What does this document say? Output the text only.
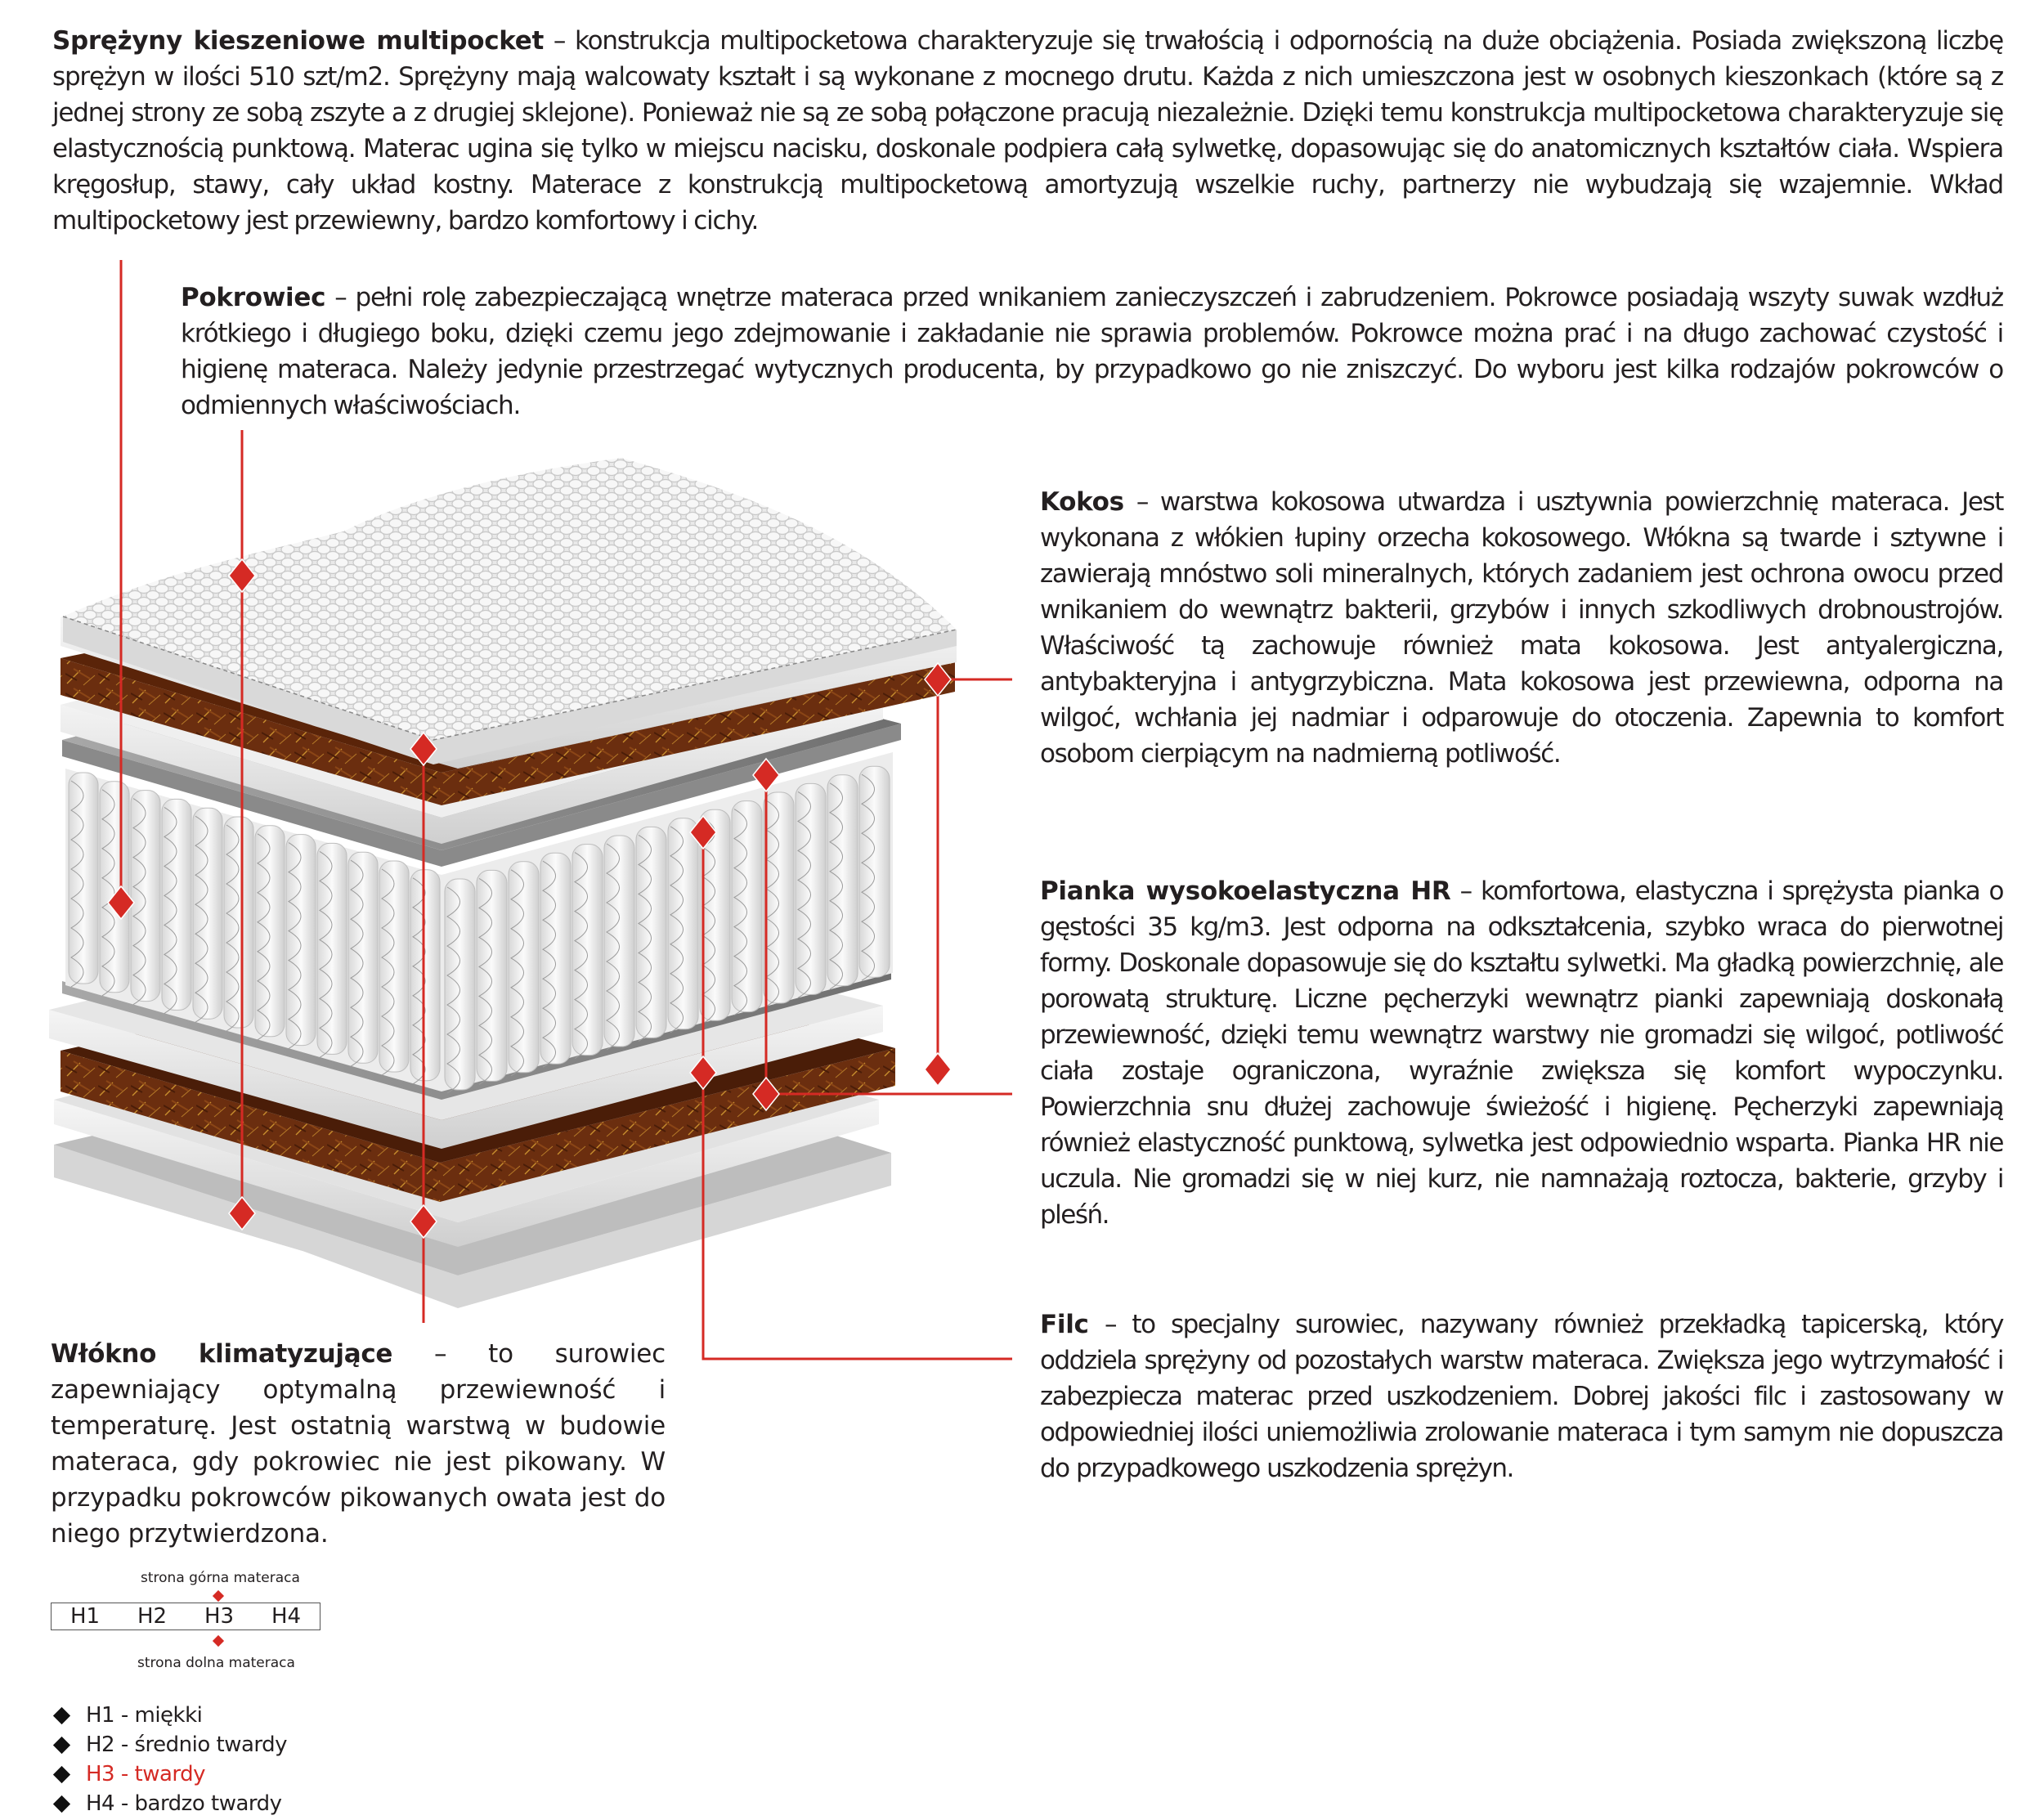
Sprężyny kieszeniowe multipocket – konstrukcja multipocketowa charakteryzuje się trwałością i odpornością na duże obciążenia. Posiada zwiększoną liczbę sprężyn w ilości 510 szt/m2. Sprężyny mają walcowaty kształt i są wykonane z mocnego drutu. Każda z nich umieszczona jest w osobnych kieszonkach (które są z jednej strony ze sobą zszyte a z drugiej sklejone). Ponieważ nie są ze sobą połączone pracują niezależnie. Dzięki temu konstrukcja multipocketowa charakteryzuje się elastycznością punktową. Materac ugina się tylko w miejscu nacisku, doskonale podpiera całą sylwetkę, dopasowując się do anatomicznych kształtów ciała. Wspiera kręgosłup, stawy, cały układ kostny. Materace z konstrukcją multipocketową amortyzują wszelkie ruchy, partnerzy nie wybudzają się wzajemnie. Wkład multipocketowy jest przewiewny, bardzo komfortowy i cichy.
Pokrowiec – pełni rolę zabezpieczającą wnętrze materaca przed wnikaniem zanieczyszczeń i zabrudzeniem. Pokrowce posiadają wszyty suwak wzdłuż krótkiego i długiego boku, dzięki czemu jego zdejmowanie i zakładanie nie sprawia problemów. Pokrowce można prać i na długo zachować czystość i higienę materaca. Należy jedynie przestrzegać wytycznych producenta, by przypadkowo go nie zniszczyć. Do wyboru jest kilka rodzajów pokrowców o odmiennych właściwościach.
Kokos – warstwa kokosowa utwardza i usztywnia powierzchnię materaca. Jest wykonana z włókien łupiny orzecha kokosowego. Włókna są twarde i sztywne i zawierają mnóstwo soli mineralnych, których zadaniem jest ochrona owocu przed wnikaniem do wewnątrz bakterii, grzybów i innych szkodliwych drobnoustrojów. Właściwość tą zachowuje również mata kokosowa. Jest antyalergiczna, antybakteryjna i antygrzybiczna. Mata kokosowa jest przewiewna, odporna na wilgoć, wchłania jej nadmiar i odparowuje do otoczenia. Zapewnia to komfort osobom cierpiącym na nadmierną potliwość.
Pianka wysokoelastyczna HR – komfortowa, elastyczna i sprężysta pianka o gęstości 35 kg/m3. Jest odporna na odkształcenia, szybko wraca do pierwotnej formy. Doskonale dopasowuje się do kształtu sylwetki. Ma gładką powierzchnię, ale porowatą strukturę. Liczne pęcherzyki wewnątrz pianki zapewniają doskonałą przewiewność, dzięki temu wewnątrz warstwy nie gromadzi się wilgoć, potliwość ciała zostaje ograniczona, wyraźnie zwiększa się komfort wypoczynku. Powierzchnia snu dłużej zachowuje świeżość i higienę. Pęcherzyki zapewniają również elastyczność punktową, sylwetka jest odpowiednio wsparta. Pianka HR nie uczula. Nie gromadzi się w niej kurz, nie namnażają roztocza, bakterie, grzyby i pleśń.
Filc – to specjalny surowiec, nazywany również przekładką tapicerską, który oddziela sprężyny od pozostałych warstw materaca. Zwiększa jego wytrzymałość i zabezpiecza materac przed uszkodzeniem. Dobrej jakości filc i zastosowany w odpowiedniej ilości uniemożliwia zrolowanie materaca i tym samym nie dopuszcza do przypadkowego uszkodzenia sprężyn.
Włókno klimatyzujące – to surowiec zapewniający optymalną przewiewność i temperaturę. Jest ostatnią warstwą w budowie materaca, gdy pokrowiec nie jest pikowany. W przypadku pokrowców pikowanych owata jest do niego przytwierdzona.
strona górna materaca
H1 H2 H3 H4
strona dolna materaca
H1 - miękki
H2 - średnio twardy
H3 - twardy
H4 - bardzo twardy
